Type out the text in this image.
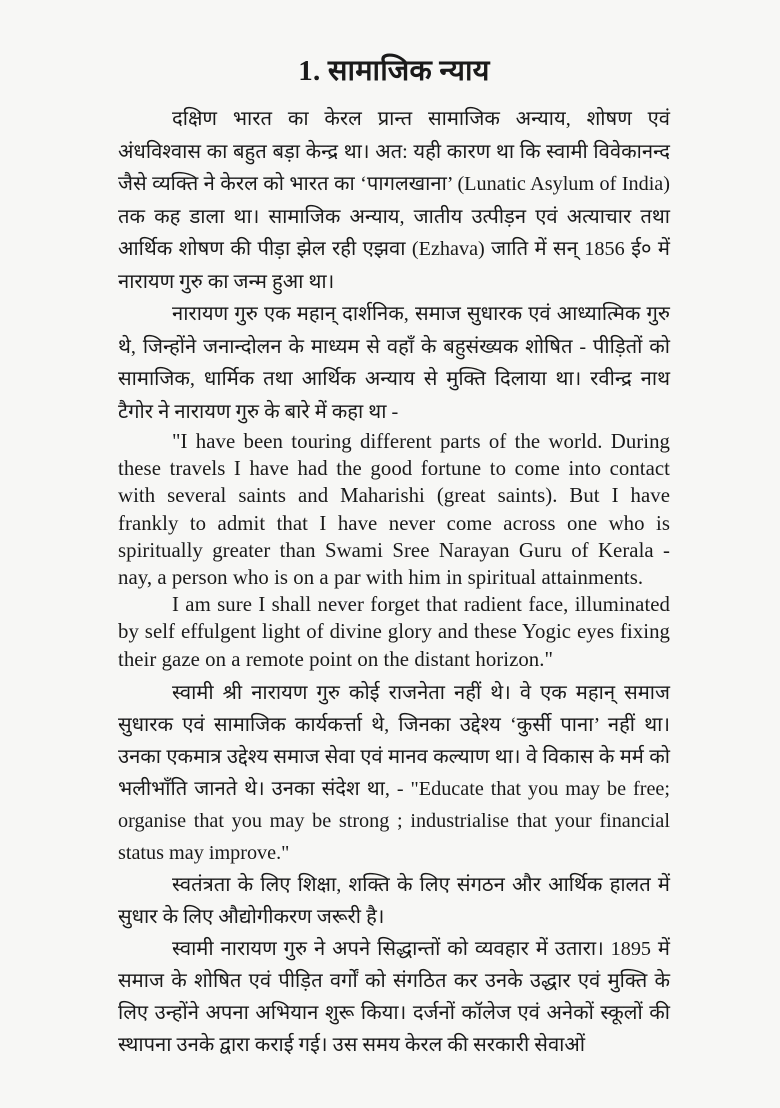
1. सामाजिक न्याय

दक्षिण भारत का केरल प्रान्त सामाजिक अन्याय, शोषण एवं अंधविश्वास का बहुत बड़ा केन्द्र था। अत: यही कारण था कि स्वामी विवेकानन्द जैसे व्यक्ति ने केरल को भारत का ‘पागलखाना’ (Lunatic Asylum of India) तक कह डाला था। सामाजिक अन्याय, जातीय उत्पीड़न एवं अत्याचार तथा आर्थिक शोषण की पीड़ा झेल रही एझवा (Ezhava) जाति में सन् 1856 ई० में नारायण गुरु का जन्म हुआ था।

नारायण गुरु एक महान् दार्शनिक, समाज सुधारक एवं आध्यात्मिक गुरु थे, जिन्होंने जनान्दोलन के माध्यम से वहाँ के बहुसंख्यक शोषित - पीड़ितों को सामाजिक, धार्मिक तथा आर्थिक अन्याय से मुक्ति दिलाया था। रवीन्द्र नाथ टैगोर ने नारायण गुरु के बारे में कहा था -

"I have been touring different parts of the world. During these travels I have had the good fortune to come into contact with several saints and Maharishi (great saints). But I have frankly to admit that I have never come across one who is spiritually greater than Swami Sree Narayan Guru of Kerala - nay, a person who is on a par with him in spiritual attainments.

I am sure I shall never forget that radient face, illuminated by self effulgent light of divine glory and these Yogic eyes fixing their gaze on a remote point on the distant horizon."

स्वामी श्री नारायण गुरु कोई राजनेता नहीं थे। वे एक महान् समाज सुधारक एवं सामाजिक कार्यकर्त्ता थे, जिनका उद्देश्य ‘कुर्सी पाना’ नहीं था। उनका एकमात्र उद्देश्य समाज सेवा एवं मानव कल्याण था। वे विकास के मर्म को भलीभाँति जानते थे। उनका संदेश था, - "Educate that you may be free; organise that you may be strong ; industrialise that your financial status may improve."

स्वतंत्रता के लिए शिक्षा, शक्ति के लिए संगठन और आर्थिक हालत में सुधार के लिए औद्योगीकरण जरूरी है।

स्वामी नारायण गुरु ने अपने सिद्धान्तों को व्यवहार में उतारा। 1895 में समाज के शोषित एवं पीड़ित वर्गों को संगठित कर उनके उद्धार एवं मुक्ति के लिए उन्होंने अपना अभियान शुरू किया। दर्जनों कॉलेज एवं अनेकों स्कूलों की स्थापना उनके द्वारा कराई गई। उस समय केरल की सरकारी सेवाओं
